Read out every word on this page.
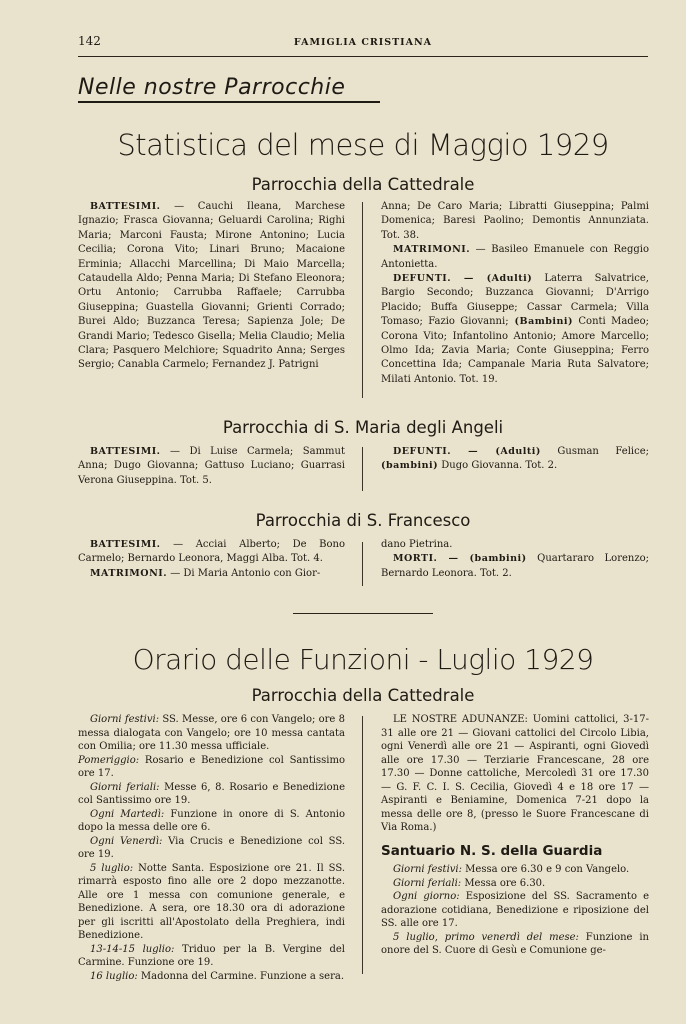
142	FAMIGLIA CRISTIANA
Nelle nostre Parrocchie
Statistica del mese di Maggio 1929
Parrocchia della Cattedrale

BATTESIMI. — Cauchi Ileana, Marchese Ignazio; Frasca Giovanna; Geluardi Carolina; Righi Maria; Marconi Fausta; Mirone Antonino; Lucia Cecilia; Corona Vito; Linari Bruno; Macaione Erminia; Allacchi Marcellina; Di Maio Marcella; Cataudella Aldo; Penna Maria; Di Stefano Eleonora; Ortu Antonio; Carrubba Raffaele; Carrubba Giuseppina; Guastella Giovanni; Grienti Corrado; Burei Aldo; Buzzanca Teresa; Sapienza Jole; De Grandi Mario; Tedesco Gisella; Melia Claudio; Melia Clara; Pasquero Melchiore; Squadrito Anna; Serges Sergio; Canabla Carmelo; Fernandez J. Patrigni

Anna; De Caro Maria; Libratti Giuseppina; Palmi Domenica; Baresi Paolino; Demontis Annunziata. Tot. 38.

MATRIMONI. — Basileo Emanuele con Reggio Antonietta.

DEFUNTI. — (Adulti) Laterra Salvatrice, Bargio Secondo; Buzzanca Giovanni; D'Arrigo Placido; Buffa Giuseppe; Cassar Carmela; Villa Tomaso; Fazio Giovanni; (Bambini) Conti Madeo; Corona Vito; Infantolino Antonio; Amore Marcello; Olmo Ida; Zavia Maria; Conte Giuseppina; Ferro Concettina Ida; Campanale Maria Ruta Salvatore; Milati Antonio. Tot. 19.

Parrocchia di S. Maria degli Angeli

BATTESIMI. — Di Luise Carmela; Sammut Anna; Dugo Giovanna; Gattuso Luciano; Guarrasi Verona Giuseppina. Tot. 5.

DEFUNTI. — (Adulti) Gusman Felice; (bambini) Dugo Giovanna. Tot. 2.

Parrocchia di S. Francesco

BATTESIMI. — Acciai Alberto; De Bono Carmelo; Bernardo Leonora, Maggi Alba. Tot. 4.

MATRIMONI. — Di Maria Antonio con Gior-

dano Pietrina.

MORTI. — (bambini) Quartararo Lorenzo; Bernardo Leonora. Tot. 2.

Orario delle Funzioni - Luglio 1929
Parrocchia della Cattedrale

Giorni festivi: SS. Messe, ore 6 con Vangelo; ore 8 messa dialogata con Vangelo; ore 10 messa cantata con Omilia; ore 11.30 messa ufficiale.

Pomeriggio: Rosario e Benedizione col Santissimo ore 17.

Giorni feriali: Messe 6, 8. Rosario e Benedizione col Santissimo ore 19.

Ogni Martedì: Funzione in onore di S. Antonio dopo la messa delle ore 6.

Ogni Venerdì: Via Crucis e Benedizione col SS. ore 19.

5 luglio: Notte Santa. Esposizione ore 21. Il SS. rimarrà esposto fino alle ore 2 dopo mezzanotte. Alle ore 1 messa con comunione generale, e Benedizione. A sera, ore 18.30 ora di adorazione per gli iscritti all'Apostolato della Preghiera, indi Benedizione.

13-14-15 luglio: Triduo per la B. Vergine del Carmine. Funzione ore 19.

16 luglio: Madonna del Carmine. Funzione a sera.

LE NOSTRE ADUNANZE: Uomini cattolici, 3-17-31 alle ore 21 — Giovani cattolici del Circolo Libia, ogni Venerdì alle ore 21 — Aspiranti, ogni Giovedì alle ore 17.30 — Terziarie Francescane, 28 ore 17.30 — Donne cattoliche, Mercoledì 31 ore 17.30 — G. F. C. I. S. Cecilia, Giovedì 4 e 18 ore 17 — Aspiranti e Beniamine, Domenica 7-21 dopo la messa delle ore 8, (presso le Suore Francescane di Via Roma.)

Santuario N. S. della Guardia

Giorni festivi: Messa ore 6.30 e 9 con Vangelo.

Giorni feriali: Messa ore 6.30.

Ogni giorno: Esposizione del SS. Sacramento e adorazione cotidiana, Benedizione e riposizione del SS. alle ore 17.

5 luglio, primo venerdì del mese: Funzione in onore del S. Cuore di Gesù e Comunione ge-
